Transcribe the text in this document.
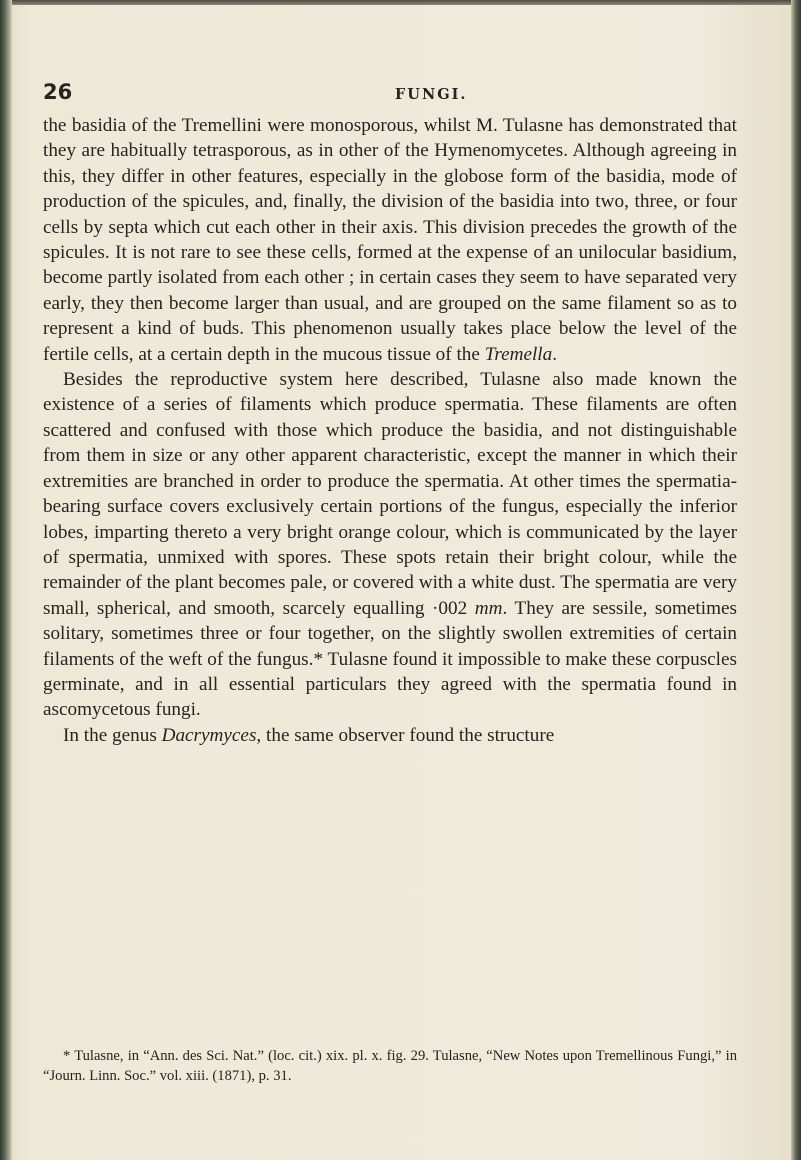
26	FUNGI.

the basidia of the Tremellini were monosporous, whilst M. Tulasne has demonstrated that they are habitually tetrasporous, as in other of the Hymenomycetes. Although agreeing in this, they differ in other features, especially in the globose form of the basidia, mode of production of the spicules, and, finally, the division of the basidia into two, three, or four cells by septa which cut each other in their axis. This division precedes the growth of the spicules. It is not rare to see these cells, formed at the expense of an unilocular basidium, become partly isolated from each other ; in certain cases they seem to have separated very early, they then become larger than usual, and are grouped on the same filament so as to represent a kind of buds. This phenomenon usually takes place below the level of the fertile cells, at a certain depth in the mucous tissue of the Tremella.

Besides the reproductive system here described, Tulasne also made known the existence of a series of filaments which produce spermatia. These filaments are often scattered and confused with those which produce the basidia, and not distinguishable from them in size or any other apparent characteristic, except the manner in which their extremities are branched in order to produce the spermatia. At other times the spermatia-bearing surface covers exclusively certain portions of the fungus, especially the inferior lobes, imparting thereto a very bright orange colour, which is communicated by the layer of spermatia, unmixed with spores. These spots retain their bright colour, while the remainder of the plant becomes pale, or covered with a white dust. The spermatia are very small, spherical, and smooth, scarcely equalling ·002 mm. They are sessile, sometimes solitary, sometimes three or four together, on the slightly swollen extremities of certain filaments of the weft of the fungus.* Tulasne found it impossible to make these corpuscles germinate, and in all essential particulars they agreed with the spermatia found in ascomycetous fungi.

In the genus Dacrymyces, the same observer found the structure

* Tulasne, in “Ann. des Sci. Nat.” (loc. cit.) xix. pl. x. fig. 29. Tulasne, “New Notes upon Tremellinous Fungi,” in “Journ. Linn. Soc.” vol. xiii. (1871), p. 31.
